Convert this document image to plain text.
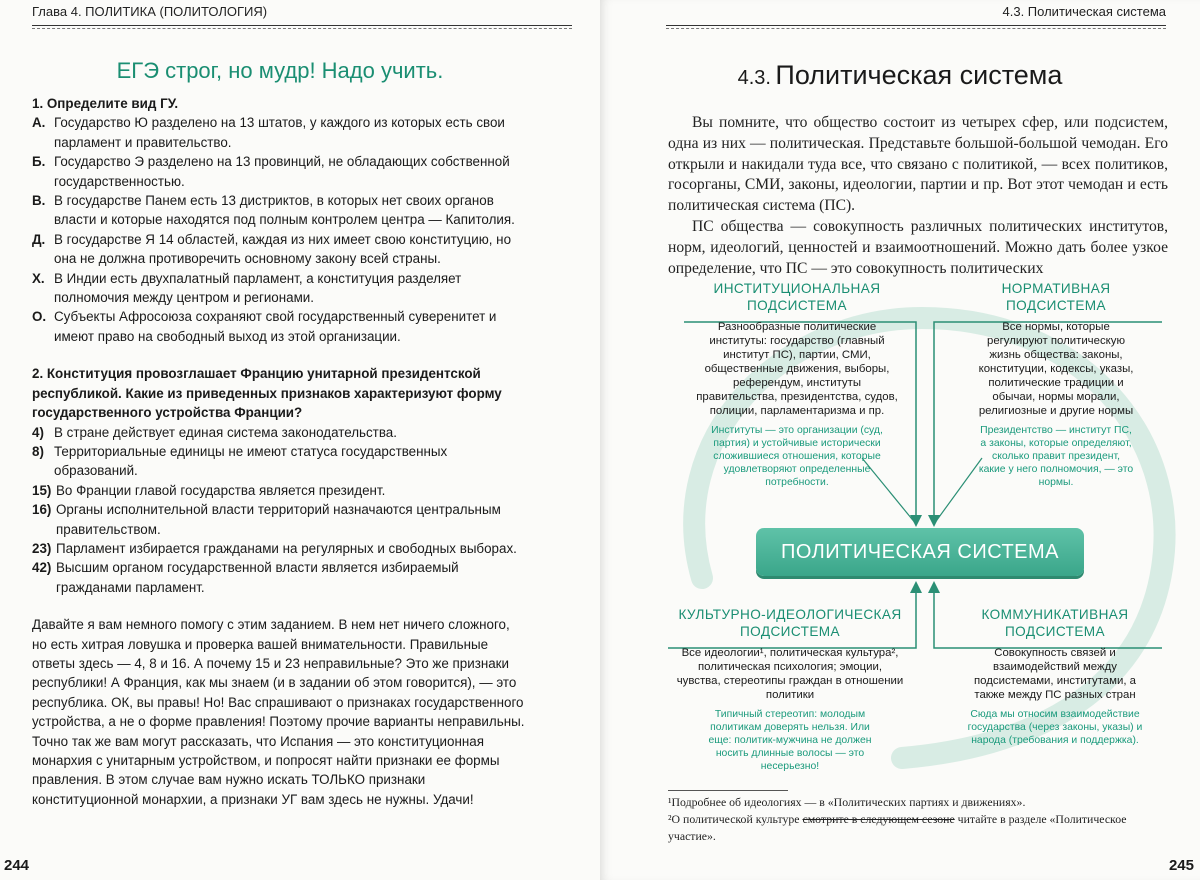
Глава 4. ПОЛИТИКА (ПОЛИТОЛОГИЯ)
ЕГЭ строг, но мудр! Надо учить.
1. Определите вид ГУ.
А. Государство Ю разделено на 13 штатов, у каждого из которых есть свои парламент и правительство.
Б. Государство Э разделено на 13 провинций, не обладающих собственной государственностью.
В. В государстве Панем есть 13 дистриктов, в которых нет своих органов власти и которые находятся под полным контролем центра — Капитолия.
Д. В государстве Я 14 областей, каждая из них имеет свою конституцию, но она не должна противоречить основному закону всей страны.
Х. В Индии есть двухпалатный парламент, а конституция разделяет полномочия между центром и регионами.
О. Субъекты Афросоюза сохраняют свой государственный суверенитет и имеют право на свободный выход из этой организации.
2. Конституция провозглашает Францию унитарной президентской республикой. Какие из приведенных признаков характеризуют форму государственного устройства Франции?
4) В стране действует единая система законодательства.
8) Территориальные единицы не имеют статуса государственных образований.
15) Во Франции главой государства является президент.
16) Органы исполнительной власти территорий назначаются центральным правительством.
23) Парламент избирается гражданами на регулярных и свободных выборах.
42) Высшим органом государственной власти является избираемый гражданами парламент.
Давайте я вам немного помогу с этим заданием. В нем нет ничего сложного, но есть хитрая ловушка и проверка вашей внимательности. Правильные ответы здесь — 4, 8 и 16. А почему 15 и 23 неправильные? Это же признаки республики! А Франция, как мы знаем (и в задании об этом говорится), — это республика. ОК, вы правы! Но! Вас спрашивают о признаках государственного устройства, а не о форме правления! Поэтому прочие варианты неправильны. Точно так же вам могут рассказать, что Испания — это конституционная монархия с унитарным устройством, и попросят найти признаки ее формы правления. В этом случае вам нужно искать ТОЛЬКО признаки конституционной монархии, а признаки УГ вам здесь не нужны. Удачи!
244
4.3. Политическая система
4.3. Политическая система

Вы помните, что общество состоит из четырех сфер, или подсистем, одна из них — политическая. Представьте большой-большой чемодан. Его открыли и накидали туда все, что связано с политикой, — всех политиков, госорганы, СМИ, законы, идеологии, партии и пр. Вот этот чемодан и есть политическая система (ПС).

ПС общества — совокупность различных политических институтов, норм, идеологий, ценностей и взаимоотношений. Можно дать более узкое определение, что ПС — это совокупность политических

ИНСТИТУЦИОНАЛЬНАЯ
ПОДСИСТЕМА
Разнообразные политические институты: государство (главный институт ПС), партии, СМИ, общественные движения, выборы, референдум, институты правительства, президентства, судов, полиции, парламентаризма и пр.
Институты — это организации (суд, партия) и устойчивые исторически сложившиеся отношения, которые удовлетворяют определенные потребности.
НОРМАТИВНАЯ
ПОДСИСТЕМА
Все нормы, которые регулируют политическую жизнь общества: законы, конституции, кодексы, указы, политические традиции и обычаи, нормы морали, религиозные и другие нормы
Президентство — институт ПС, а законы, которые определяют, сколько правит президент, какие у него полномочия, — это нормы.
ПОЛИТИЧЕСКАЯ СИСТЕМА
КУЛЬТУРНО-ИДЕОЛОГИЧЕСКАЯ
ПОДСИСТЕМА
Все идеологии¹, политическая культура², политическая психология; эмоции, чувства, стереотипы граждан в отношении политики
Типичный стереотип: молодым политикам доверять нельзя. Или еще: политик-мужчина не должен носить длинные волосы — это несерьезно!
КОММУНИКАТИВНАЯ
ПОДСИСТЕМА
Совокупность связей и взаимодействий между подсистемами, институтами, а также между ПС разных стран
Сюда мы относим взаимодействие государства (через законы, указы) и народа (требования и поддержка).
¹Подробнее об идеологиях — в «Политических партиях и движениях».
²О политической культуре смотрите в следующем сезоне читайте в разделе «Политическое участие».
245
